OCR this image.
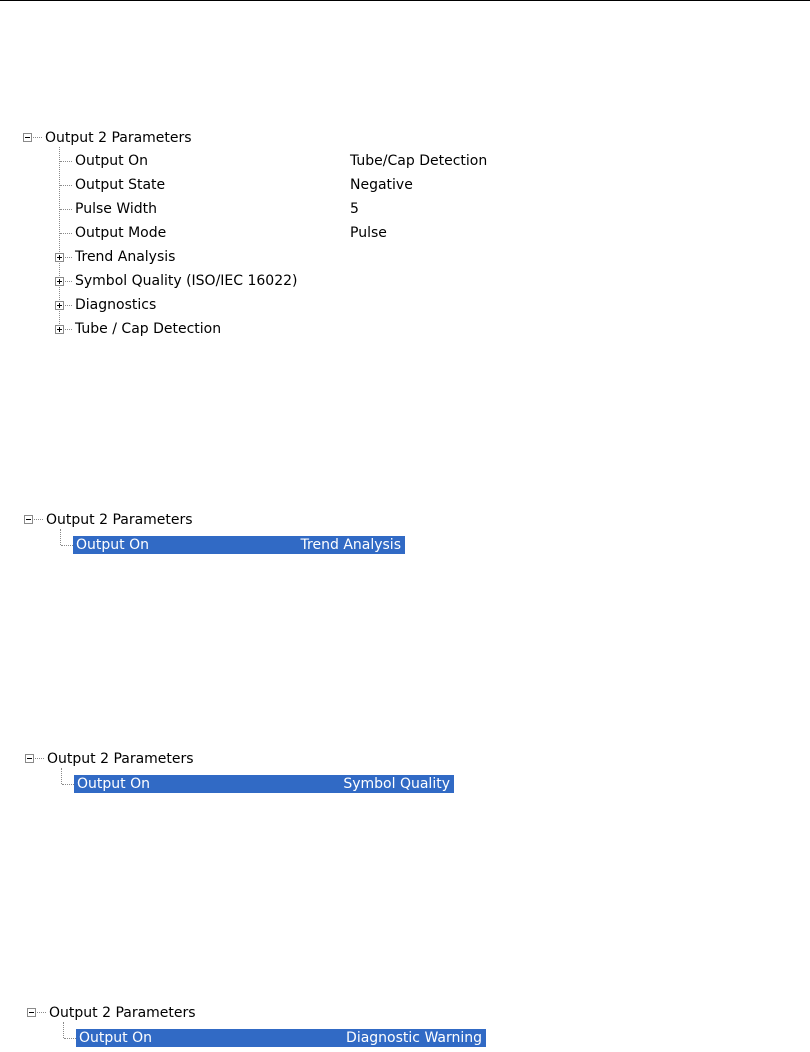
Output 2 Parameters
Output On	Tube/Cap Detection
Output State	Negative
Pulse Width	5
Output Mode	Pulse
Trend Analysis
Symbol Quality (ISO/IEC 16022)
Diagnostics
Tube / Cap Detection
Output 2 Parameters
Output On	Trend Analysis
Output 2 Parameters
Output On	Symbol Quality
Output 2 Parameters
Output On	Diagnostic Warning
